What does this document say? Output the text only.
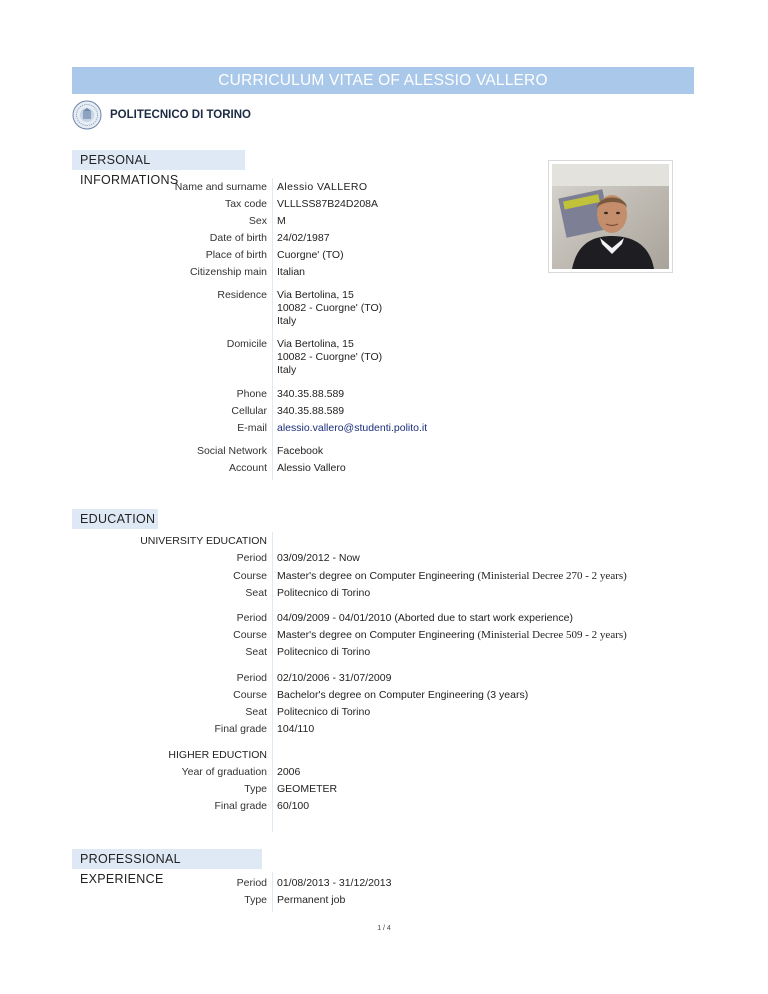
CURRICULUM VITAE OF ALESSIO VALLERO
POLITECNICO DI TORINO
PERSONAL INFORMATIONS
Name and surname Alessio VALLERO
Tax code VLLLSS87B24D208A
Sex M
Date of birth 24/02/1987
Place of birth Cuorgne' (TO)
Citizenship main Italian
Residence Via Bertolina, 15
10082 - Cuorgne' (TO)
Italy
Domicile Via Bertolina, 15
10082 - Cuorgne' (TO)
Italy
Phone 340.35.88.589
Cellular 340.35.88.589
E-mail alessio.vallero@studenti.polito.it
Social Network Facebook
Account Alessio Vallero
EDUCATION
UNIVERSITY EDUCATION
Period 03/09/2012 - Now
Course Master's degree on Computer Engineering (Ministerial Decree 270 - 2 years)
Seat Politecnico di Torino
Period 04/09/2009 - 04/01/2010 (Aborted due to start work experience)
Course Master's degree on Computer Engineering (Ministerial Decree 509 - 2 years)
Seat Politecnico di Torino
Period 02/10/2006 - 31/07/2009
Course Bachelor's degree on Computer Engineering (3 years)
Seat Politecnico di Torino
Final grade 104/110
HIGHER EDUCTION
Year of graduation 2006
Type GEOMETER
Final grade 60/100
PROFESSIONAL EXPERIENCE	Period 01/08/2013 - 31/12/2013
Type Permanent job
1 / 4
